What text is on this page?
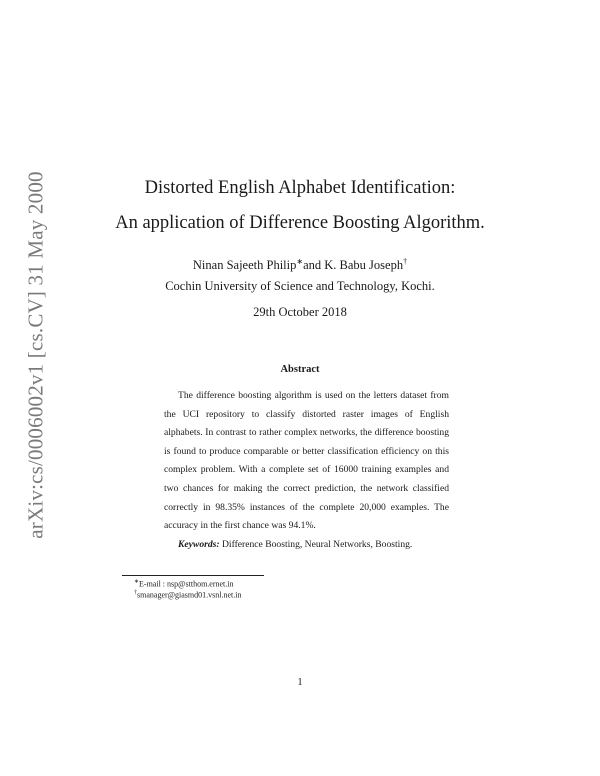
arXiv:cs/0006002v1 [cs.CV] 31 May 2000	Distorted English Alphabet Identification:
An application of Difference Boosting Algorithm.
Ninan Sajeeth Philip∗and K. Babu Joseph†
Cochin University of Science and Technology, Kochi.
29th October 2018
Abstract
The difference boosting algorithm is used on the letters dataset from the UCI repository to classify distorted raster images of English alphabets. In contrast to rather complex networks, the difference boosting is found to produce comparable or better classification efficiency on this complex problem. With a complete set of 16000 training examples and two chances for making the correct prediction, the network classified correctly in 98.35% instances of the complete 20,000 examples. The accuracy in the first chance was 94.1%.
Keywords: Difference Boosting, Neural Networks, Boosting.
∗E-mail : nsp@stthom.ernet.in
†smanager@giasmd01.vsnl.net.in
1
